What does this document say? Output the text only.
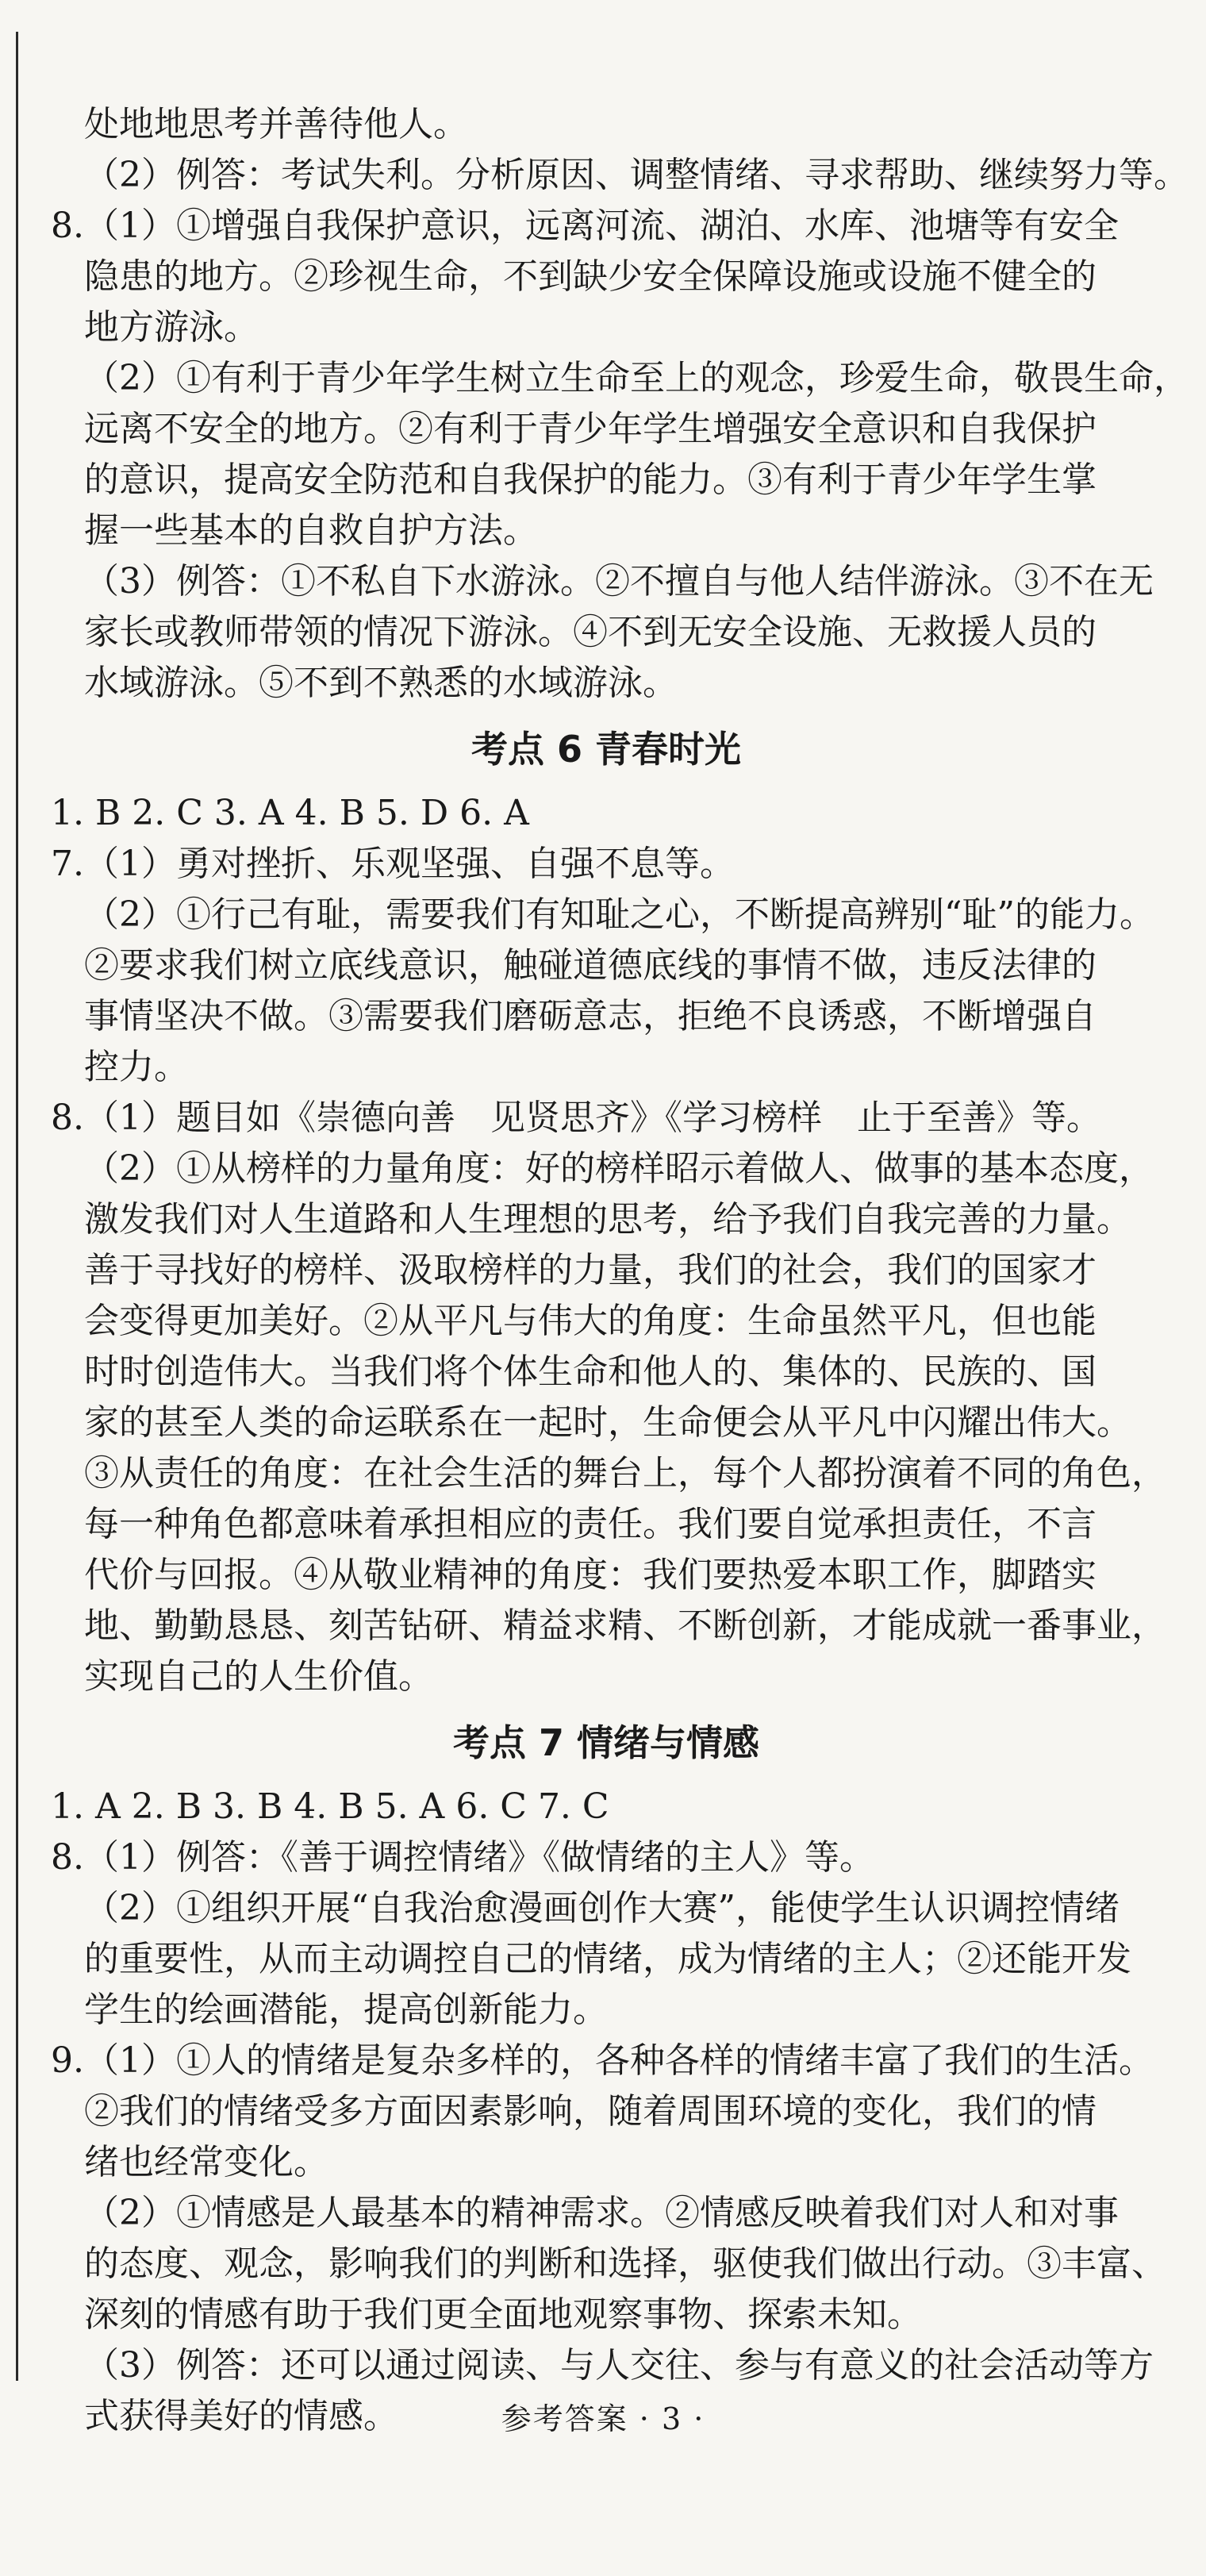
处地地思考并善待他人。
（2）例答：考试失利。分析原因、调整情绪、寻求帮助、继续努力等。
8.（1）①增强自我保护意识，远离河流、湖泊、水库、池塘等有安全
隐患的地方。②珍视生命，不到缺少安全保障设施或设施不健全的
地方游泳。
（2）①有利于青少年学生树立生命至上的观念，珍爱生命，敬畏生命，
远离不安全的地方。②有利于青少年学生增强安全意识和自我保护
的意识，提高安全防范和自我保护的能力。③有利于青少年学生掌
握一些基本的自救自护方法。
（3）例答：①不私自下水游泳。②不擅自与他人结伴游泳。③不在无
家长或教师带领的情况下游泳。④不到无安全设施、无救援人员的
水域游泳。⑤不到不熟悉的水域游泳。
考点 6 青春时光
1. B 2. C 3. A 4. B 5. D 6. A
7.（1）勇对挫折、乐观坚强、自强不息等。
（2）①行己有耻，需要我们有知耻之心，不断提高辨别“耻”的能力。
②要求我们树立底线意识，触碰道德底线的事情不做，违反法律的
事情坚决不做。③需要我们磨砺意志，拒绝不良诱惑，不断增强自
控力。
8.（1）题目如《崇德向善　见贤思齐》《学习榜样　止于至善》等。
（2）①从榜样的力量角度：好的榜样昭示着做人、做事的基本态度，
激发我们对人生道路和人生理想的思考，给予我们自我完善的力量。
善于寻找好的榜样、汲取榜样的力量，我们的社会，我们的国家才
会变得更加美好。②从平凡与伟大的角度：生命虽然平凡，但也能
时时创造伟大。当我们将个体生命和他人的、集体的、民族的、国
家的甚至人类的命运联系在一起时，生命便会从平凡中闪耀出伟大。
③从责任的角度：在社会生活的舞台上，每个人都扮演着不同的角色，
每一种角色都意味着承担相应的责任。我们要自觉承担责任，不言
代价与回报。④从敬业精神的角度：我们要热爱本职工作，脚踏实
地、勤勤恳恳、刻苦钻研、精益求精、不断创新，才能成就一番事业，
实现自己的人生价值。
考点 7 情绪与情感
1. A 2. B 3. B 4. B 5. A 6. C 7. C
8.（1）例答：《善于调控情绪》《做情绪的主人》等。
（2）①组织开展“自我治愈漫画创作大赛”，能使学生认识调控情绪
的重要性，从而主动调控自己的情绪，成为情绪的主人；②还能开发
学生的绘画潜能，提高创新能力。
9.（1）①人的情绪是复杂多样的，各种各样的情绪丰富了我们的生活。
②我们的情绪受多方面因素影响，随着周围环境的变化，我们的情
绪也经常变化。
（2）①情感是人最基本的精神需求。②情感反映着我们对人和对事
的态度、观念，影响我们的判断和选择，驱使我们做出行动。③丰富、
深刻的情感有助于我们更全面地观察事物、探索未知。
（3）例答：还可以通过阅读、与人交往、参与有意义的社会活动等方
式获得美好的情感。	参考答案 · 3 ·
